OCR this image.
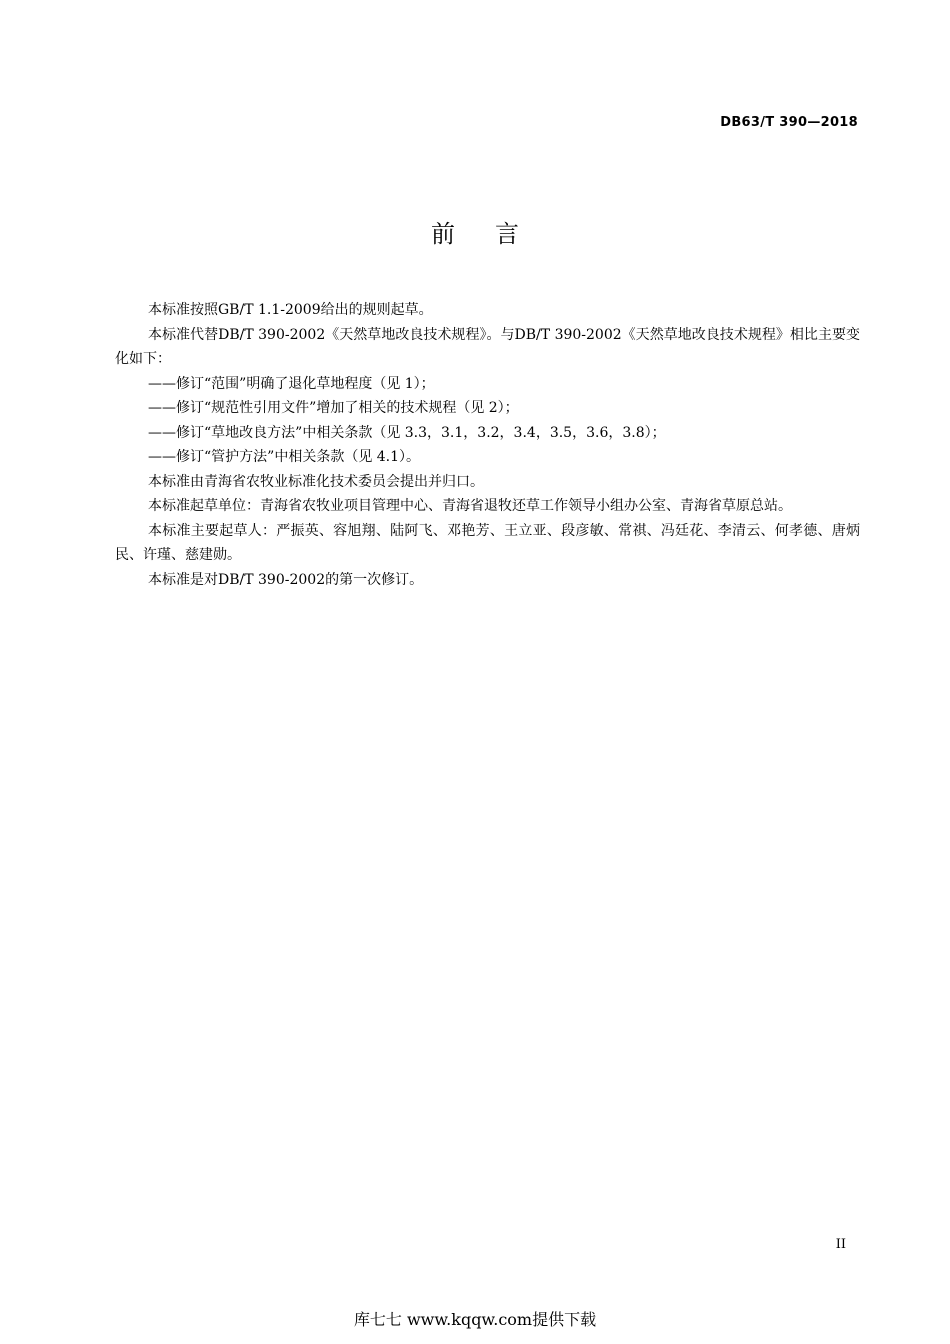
DB63/T 390—2018
前言

本标准按照GB/T 1.1-2009给出的规则起草。

本标准代替DB/T 390-2002《天然草地改良技术规程》。与DB/T 390-2002《天然草地改良技术规程》相比主要变化如下：

——修订“范围”明确了退化草地程度（见 1）；

——修订“规范性引用文件”增加了相关的技术规程（见 2）；

——修订“草地改良方法”中相关条款（见 3.3，3.1，3.2，3.4，3.5，3.6，3.8）；

——修订“管护方法”中相关条款（见 4.1）。

本标准由青海省农牧业标准化技术委员会提出并归口。

本标准起草单位：青海省农牧业项目管理中心、青海省退牧还草工作领导小组办公室、青海省草原总站。

本标准主要起草人：严振英、容旭翔、陆阿飞、邓艳芳、王立亚、段彦敏、常祺、冯廷花、李清云、何孝德、唐炳民、许瑾、慈建勋。

本标准是对DB/T 390-2002的第一次修订。

II
库七七 www.kqqw.com提供下载
